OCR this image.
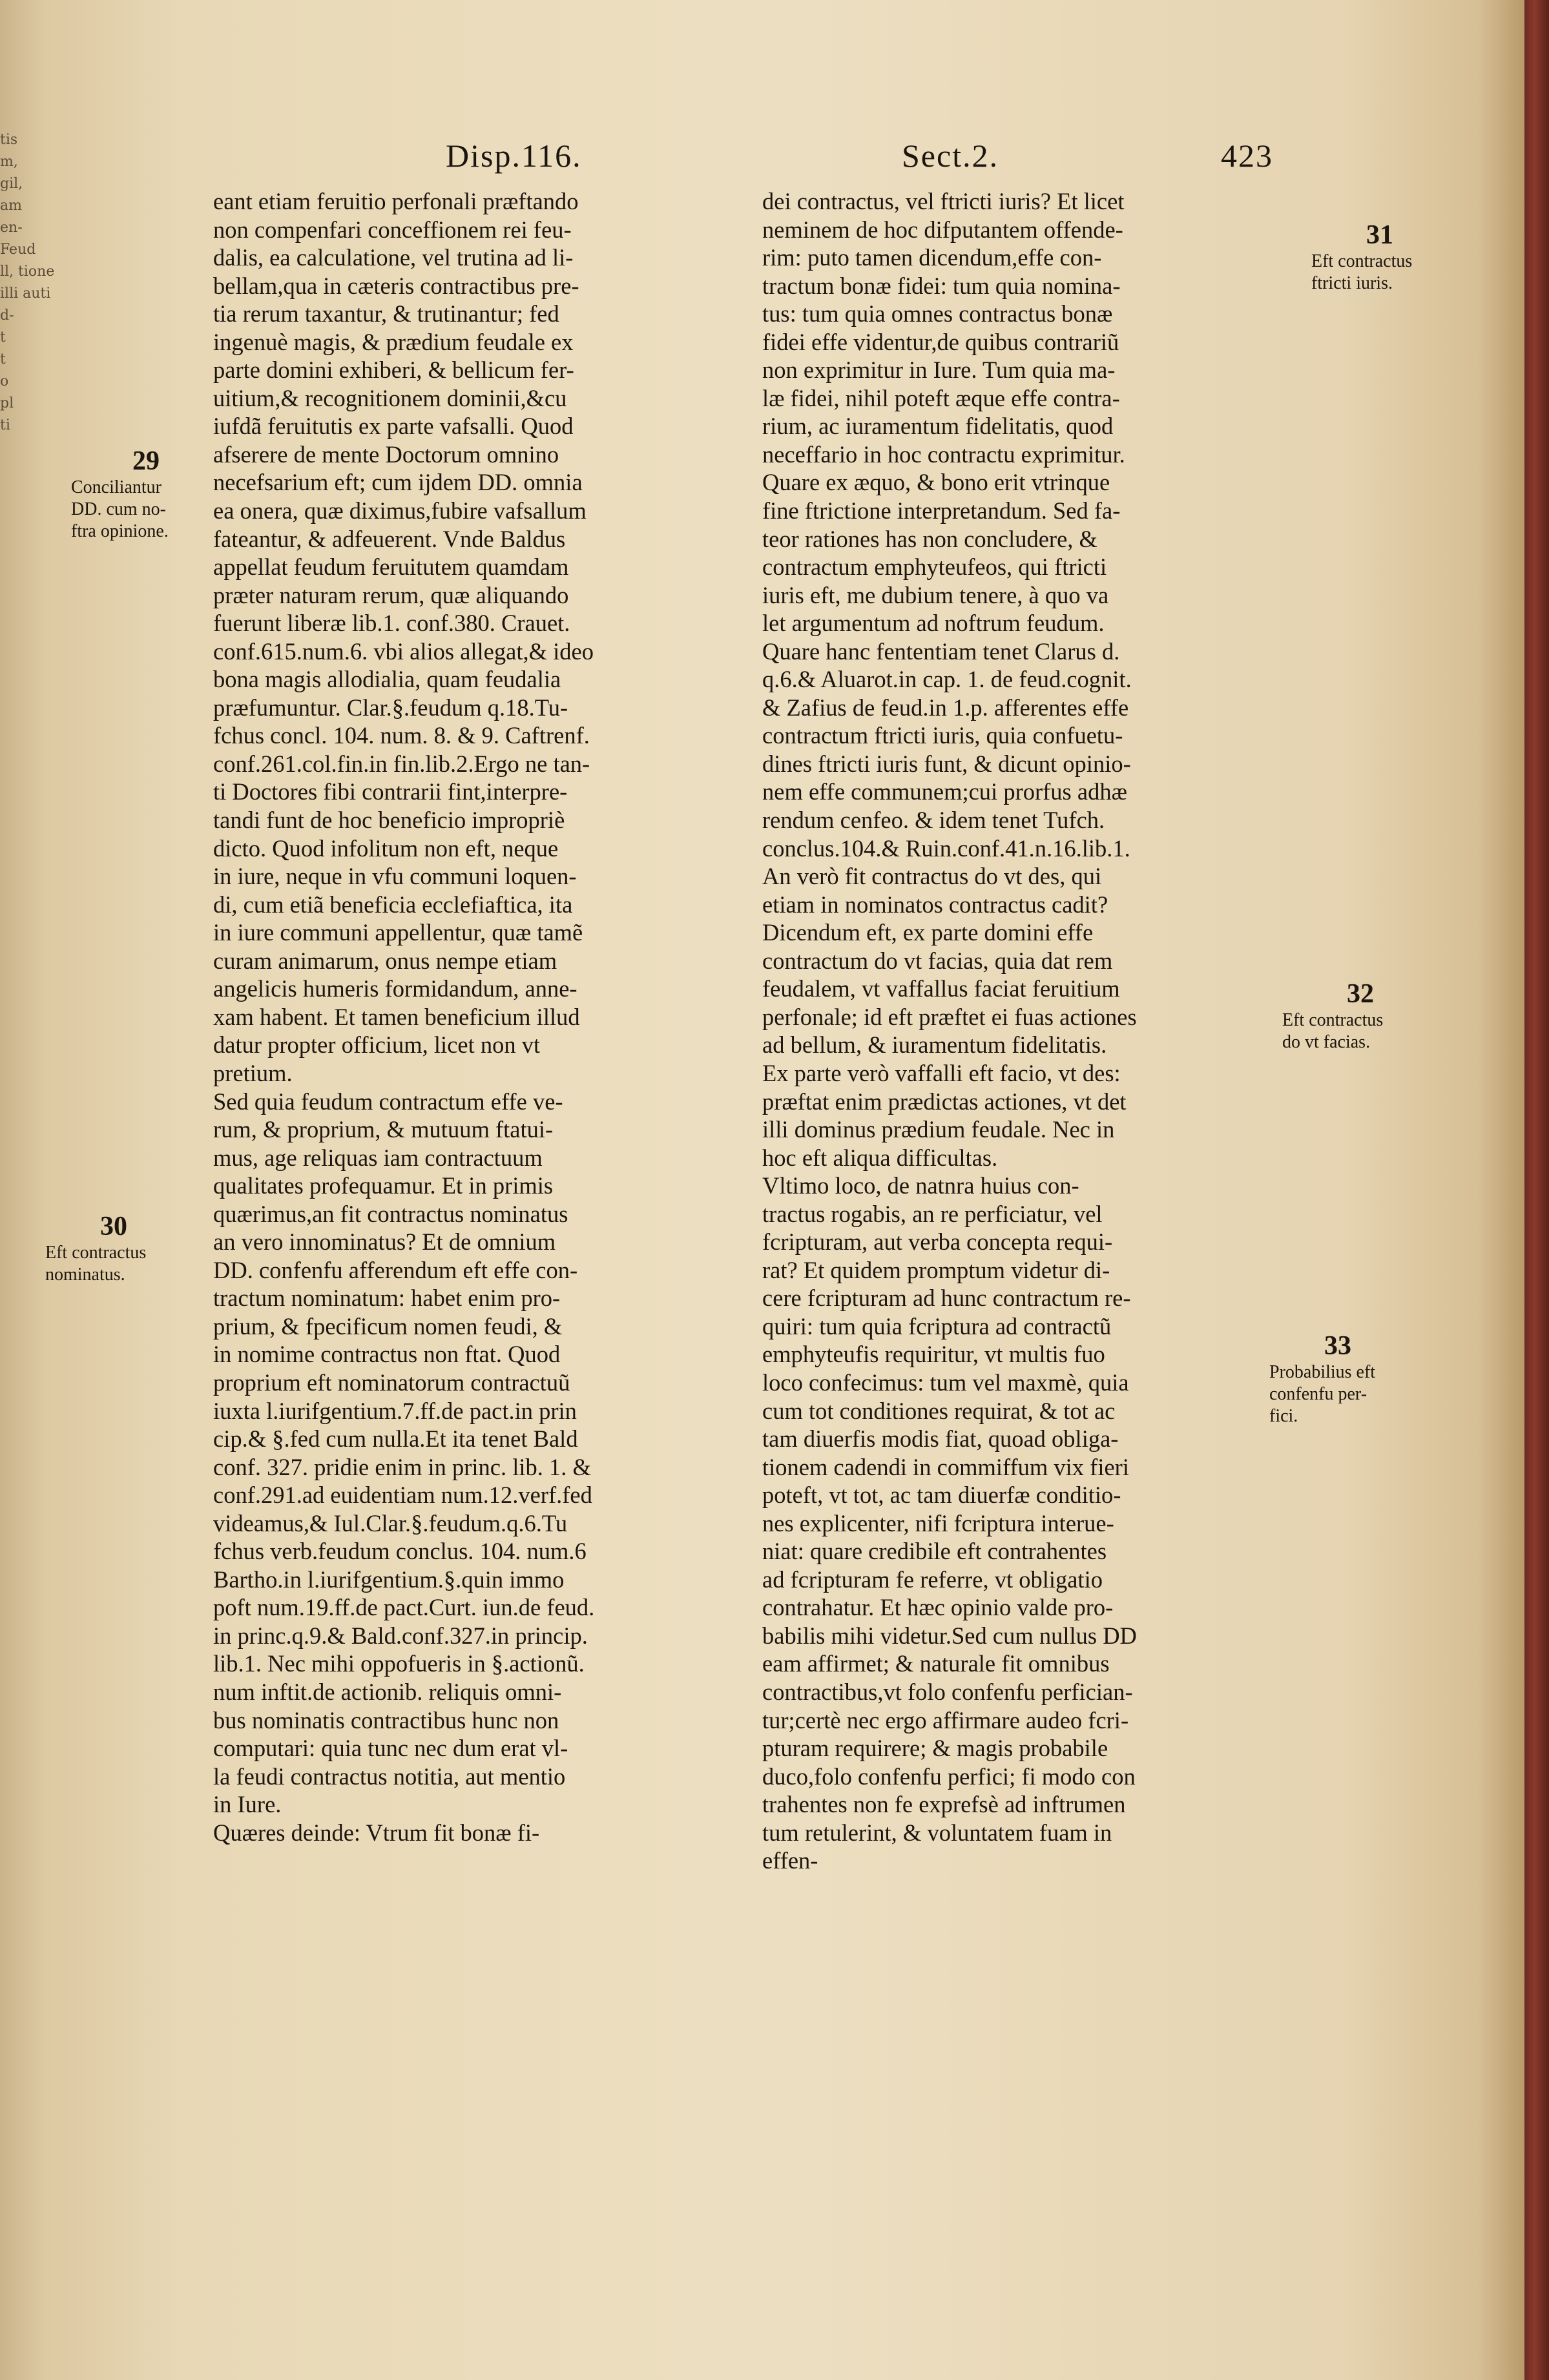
tis
m,
gil,
am
en-
Feud
ll, tione
illi auti
d-
t
t
o
pl
ti
Disp.116.	Sect.2.	423
eant etiam feruitio perfonali præftando
non compenfari conceffionem rei feu-
dalis, ea calculatione, vel trutina ad li-
bellam,qua in cæteris contractibus pre-
tia rerum taxantur, & trutinantur; fed
ingenuè magis, & prædium feudale ex
parte domini exhiberi, & bellicum fer-
uitium,& recognitionem dominii,&cu
iufdã feruitutis ex parte vafsalli. Quod
afserere de mente Doctorum omnino
necefsarium eft; cum ijdem DD. omnia
ea onera, quæ diximus,fubire vafsallum
fateantur, & adfeuerent. Vnde Baldus
appellat feudum feruitutem quamdam
præter naturam rerum, quæ aliquando
fuerunt liberæ lib.1. conf.380. Crauet.
conf.615.num.6. vbi alios allegat,& ideo
bona magis allodialia, quam feudalia
præfumuntur. Clar.§.feudum q.18.Tu-
fchus concl. 104. num. 8. & 9. Caftrenf.
conf.261.col.fin.in fin.lib.2.Ergo ne tan-
ti Doctores fibi contrarii fint,interpre-
tandi funt de hoc beneficio impropriè
dicto. Quod infolitum non eft, neque
in iure, neque in vfu communi loquen-
di, cum etiã beneficia ecclefiaftica, ita
in iure communi appellentur, quæ tamẽ
curam animarum, onus nempe etiam
angelicis humeris formidandum, anne-
xam habent. Et tamen beneficium illud
datur propter officium, licet non vt
pretium.
Sed quia feudum contractum effe ve-
rum, & proprium, & mutuum ftatui-
mus, age reliquas iam contractuum
qualitates profequamur. Et in primis
quærimus,an fit contractus nominatus
an vero innominatus? Et de omnium
DD. confenfu afferendum eft effe con-
tractum nominatum: habet enim pro-
prium, & fpecificum nomen feudi, &
in nomime contractus non ftat. Quod
proprium eft nominatorum contractuũ
iuxta l.iurifgentium.7.ff.de pact.in prin
cip.& §.fed cum nulla.Et ita tenet Bald
conf. 327. pridie enim in princ. lib. 1. &
conf.291.ad euidentiam num.12.verf.fed
videamus,& Iul.Clar.§.feudum.q.6.Tu
fchus verb.feudum conclus. 104. num.6
Bartho.in l.iurifgentium.§.quin immo
poft num.19.ff.de pact.Curt. iun.de feud.
in princ.q.9.& Bald.conf.327.in princip.
lib.1. Nec mihi oppofueris in §.actionũ.
num inftit.de actionib. reliquis omni-
bus nominatis contractibus hunc non
computari: quia tunc nec dum erat vl-
la feudi contractus notitia, aut mentio
in Iure.
Quæres deinde: Vtrum fit bonæ fi-
dei contractus, vel ftricti iuris? Et licet
neminem de hoc difputantem offende-
rim: puto tamen dicendum,effe con-
tractum bonæ fidei: tum quia nomina-
tus: tum quia omnes contractus bonæ
fidei effe videntur,de quibus contrariũ
non exprimitur in Iure. Tum quia ma-
læ fidei, nihil poteft æque effe contra-
rium, ac iuramentum fidelitatis, quod
neceffario in hoc contractu exprimitur.
Quare ex æquo, & bono erit vtrinque
fine ftrictione interpretandum. Sed fa-
teor rationes has non concludere, &
contractum emphyteufeos, qui ftricti
iuris eft, me dubium tenere, à quo va
let argumentum ad noftrum feudum.
Quare hanc fententiam tenet Clarus d.
q.6.& Aluarot.in cap. 1. de feud.cognit.
& Zafius de feud.in 1.p. afferentes effe
contractum ftricti iuris, quia confuetu-
dines ftricti iuris funt, & dicunt opinio-
nem effe communem;cui prorfus adhæ
rendum cenfeo. & idem tenet Tufch.
conclus.104.& Ruin.conf.41.n.16.lib.1.
An verò fit contractus do vt des, qui
etiam in nominatos contractus cadit?
Dicendum eft, ex parte domini effe
contractum do vt facias, quia dat rem
feudalem, vt vaffallus faciat feruitium
perfonale; id eft præftet ei fuas actiones
ad bellum, & iuramentum fidelitatis.
Ex parte verò vaffalli eft facio, vt des:
præftat enim prædictas actiones, vt det
illi dominus prædium feudale. Nec in
hoc eft aliqua difficultas.
Vltimo loco, de natnra huius con-
tractus rogabis, an re perficiatur, vel
fcripturam, aut verba concepta requi-
rat? Et quidem promptum videtur di-
cere fcripturam ad hunc contractum re-
quiri: tum quia fcriptura ad contractũ
emphyteufis requiritur, vt multis fuo
loco confecimus: tum vel maxmè, quia
cum tot conditiones requirat, & tot ac
tam diuerfis modis fiat, quoad obliga-
tionem cadendi in commiffum vix fieri
poteft, vt tot, ac tam diuerfæ conditio-
nes explicenter, nifi fcriptura interue-
niat: quare credibile eft contrahentes
ad fcripturam fe referre, vt obligatio
contrahatur. Et hæc opinio valde pro-
babilis mihi videtur.Sed cum nullus DD
eam affirmet; & naturale fit omnibus
contractibus,vt folo confenfu perfician-
tur;certè nec ergo affirmare audeo fcri-
pturam requirere; & magis probabile
duco,folo confenfu perfici; fi modo con
trahentes non fe exprefsè ad inftrumen
tum retulerint, & voluntatem fuam in
effen-
29
Conciliantur
DD. cum no-
ftra opinione.
30
Eft contractus
nominatus.
31
Eft contractus
ftricti iuris.
32
Eft contractus
do vt facias.
33
Probabilius eft
confenfu per-
fici.
